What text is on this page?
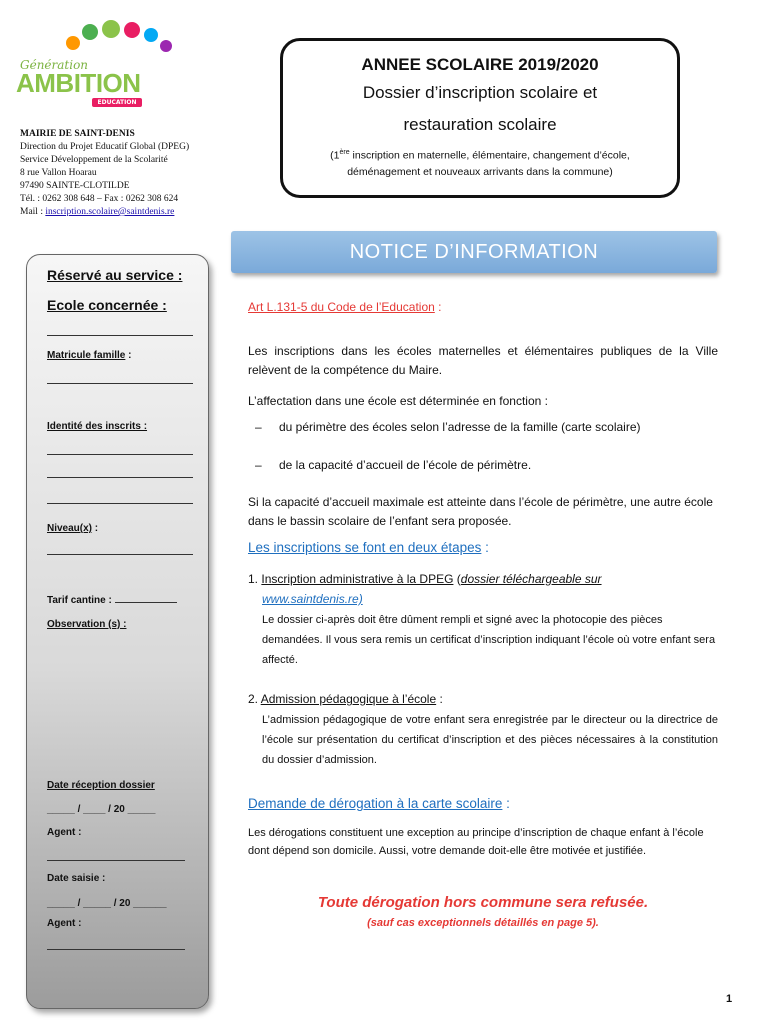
Génération
AMBITION
EDUCATION
MAIRIE DE SAINT-DENIS
Direction du Projet Educatif Global (DPEG)
Service Développement de la Scolarité
8 rue Vallon Hoarau
97490 SAINTE-CLOTILDE
Tél. : 0262 308 648 – Fax : 0262 308 624
Mail : inscription.scolaire@saintdenis.re
ANNEE SCOLAIRE 2019/2020
Dossier d’inscription scolaire et
restauration scolaire
(1ère inscription en maternelle, élémentaire, changement d’école, déménagement et nouveaux arrivants dans la commune)
NOTICE D’INFORMATION
Réservé au service :
Ecole concernée :
Matricule famille :
Identité des inscrits :
Niveau(x) :
Tarif cantine :
Observation (s) :
Date réception dossier
_____ / ____ / 20 _____
Agent :
Date saisie :
_____ / _____ / 20 ______
Agent :
Art L.131-5 du Code de l’Education :
Les inscriptions dans les écoles maternelles et élémentaires publiques de la Ville relèvent de la compétence du Maire.
L’affectation dans une école est déterminée en fonction :
–	du périmètre des écoles selon l’adresse de la famille (carte scolaire)
–	de la capacité d’accueil de l’école de périmètre.
Si la capacité d’accueil maximale est atteinte dans l’école de périmètre, une autre école dans le bassin scolaire de l’enfant sera proposée.
Les inscriptions se font en deux étapes :
1. Inscription administrative à la DPEG (dossier téléchargeable sur
www.saintdenis.re)
Le dossier ci-après doit être dûment rempli et signé avec la photocopie des pièces demandées. Il vous sera remis un certificat d’inscription indiquant l’école où votre enfant sera affecté.
2. Admission pédagogique à l’école :
L’admission pédagogique de votre enfant sera enregistrée par le directeur ou la directrice de l’école sur présentation du certificat d’inscription et des pièces nécessaires à la constitution du dossier d’admission.
Demande de dérogation à la carte scolaire :
Les dérogations constituent une exception au principe d’inscription de chaque enfant à l’école dont dépend son domicile. Aussi, votre demande doit-elle être motivée et justifiée.
Toute dérogation hors commune sera refusée.
(sauf cas exceptionnels détaillés en page 5).
1
